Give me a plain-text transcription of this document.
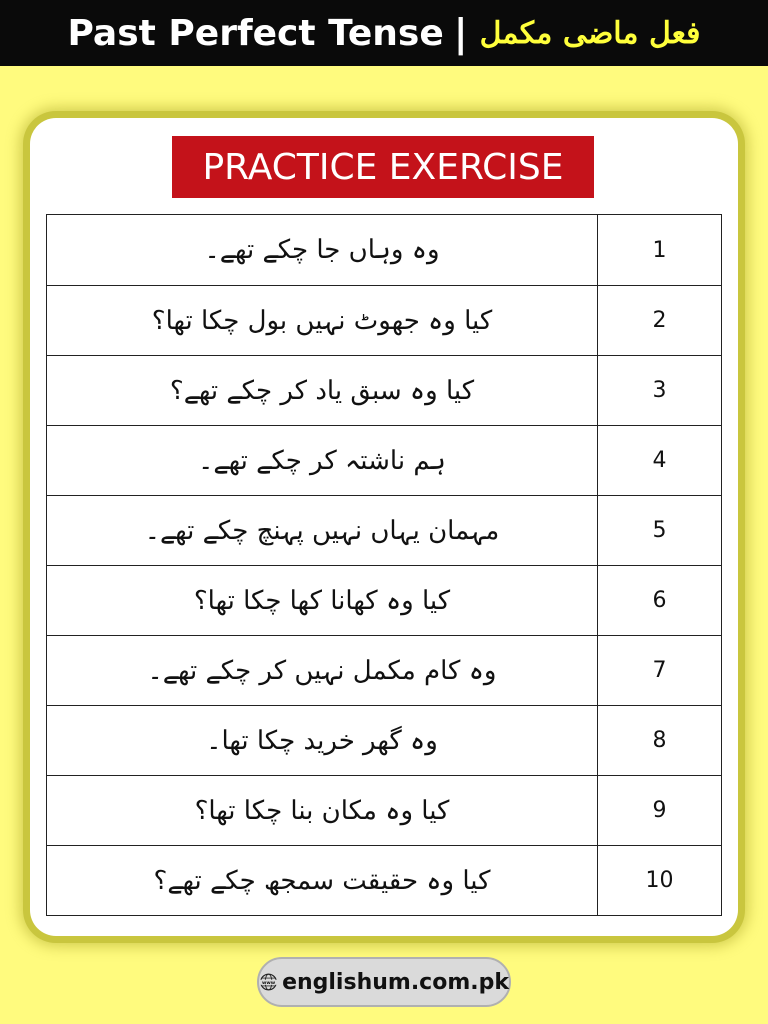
Past Perfect Tense | فعل ماضی مکمل
PRACTICE EXERCISE
وہ وہاں جا چکے تھے۔	1
کیا وہ جھوٹ نہیں بول چکا تھا؟	2
کیا وہ سبق یاد کر چکے تھے؟	3
ہم ناشتہ کر چکے تھے۔	4
مہمان یہاں نہیں پہنچ چکے تھے۔	5
کیا وہ کھانا کھا چکا تھا؟	6
وہ کام مکمل نہیں کر چکے تھے۔	7
وہ گھر خرید چکا تھا۔	8
کیا وہ مکان بنا چکا تھا؟	9
کیا وہ حقیقت سمجھ چکے تھے؟	10
www englishum.com.pk
